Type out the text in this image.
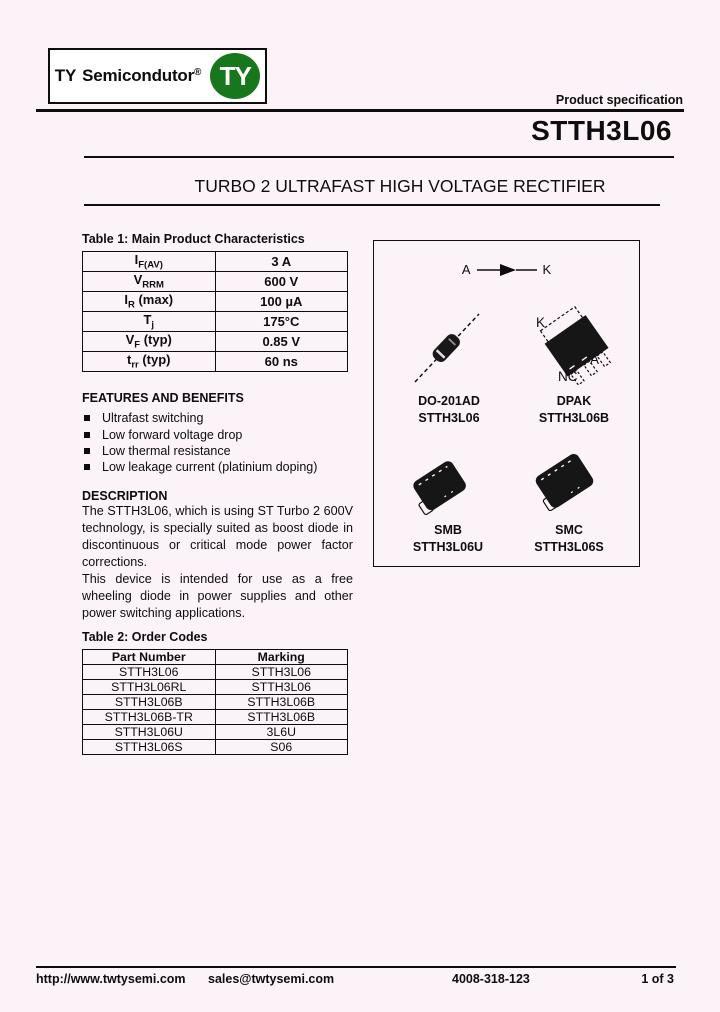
TY Semicondutor® TY
Product specification
STTH3L06
TURBO 2 ULTRAFAST HIGH VOLTAGE RECTIFIER
Table 1: Main Product Characteristics
$I_{F(AV)}$	3 A
$V_{RRM}$	600 V
$I_R$ (max)	100 µA
$T_j$	175°C
$V_F$ (typ)	0.85 V
$t_{rr}$ (typ)	60 ns
FEATURES AND BENEFITS
Ultrafast switching
Low forward voltage drop
Low thermal resistance
Low leakage current (platinium doping)
DESCRIPTION

The STTH3L06, which is using ST Turbo 2 600V technology, is specially suited as boost diode in discontinuous or critical mode power factor corrections.

This device is intended for use as a free wheeling diode in power supplies and other power switching applications.

Table 2: Order Codes
Part Number	Marking
STTH3L06	STTH3L06
STTH3L06RL	STTH3L06
STTH3L06B	STTH3L06B
STTH3L06B-TR	STTH3L06B
STTH3L06U	3L6U
STTH3L06S	S06
A	K
K
A
NC
DO-201AD
STTH3L06
DPAK
STTH3L06B
SMB
STTH3L06U
SMC
STTH3L06S
http://www.twtysemi.com sales@twtysemi.com	4008-318-123	1 of 3
